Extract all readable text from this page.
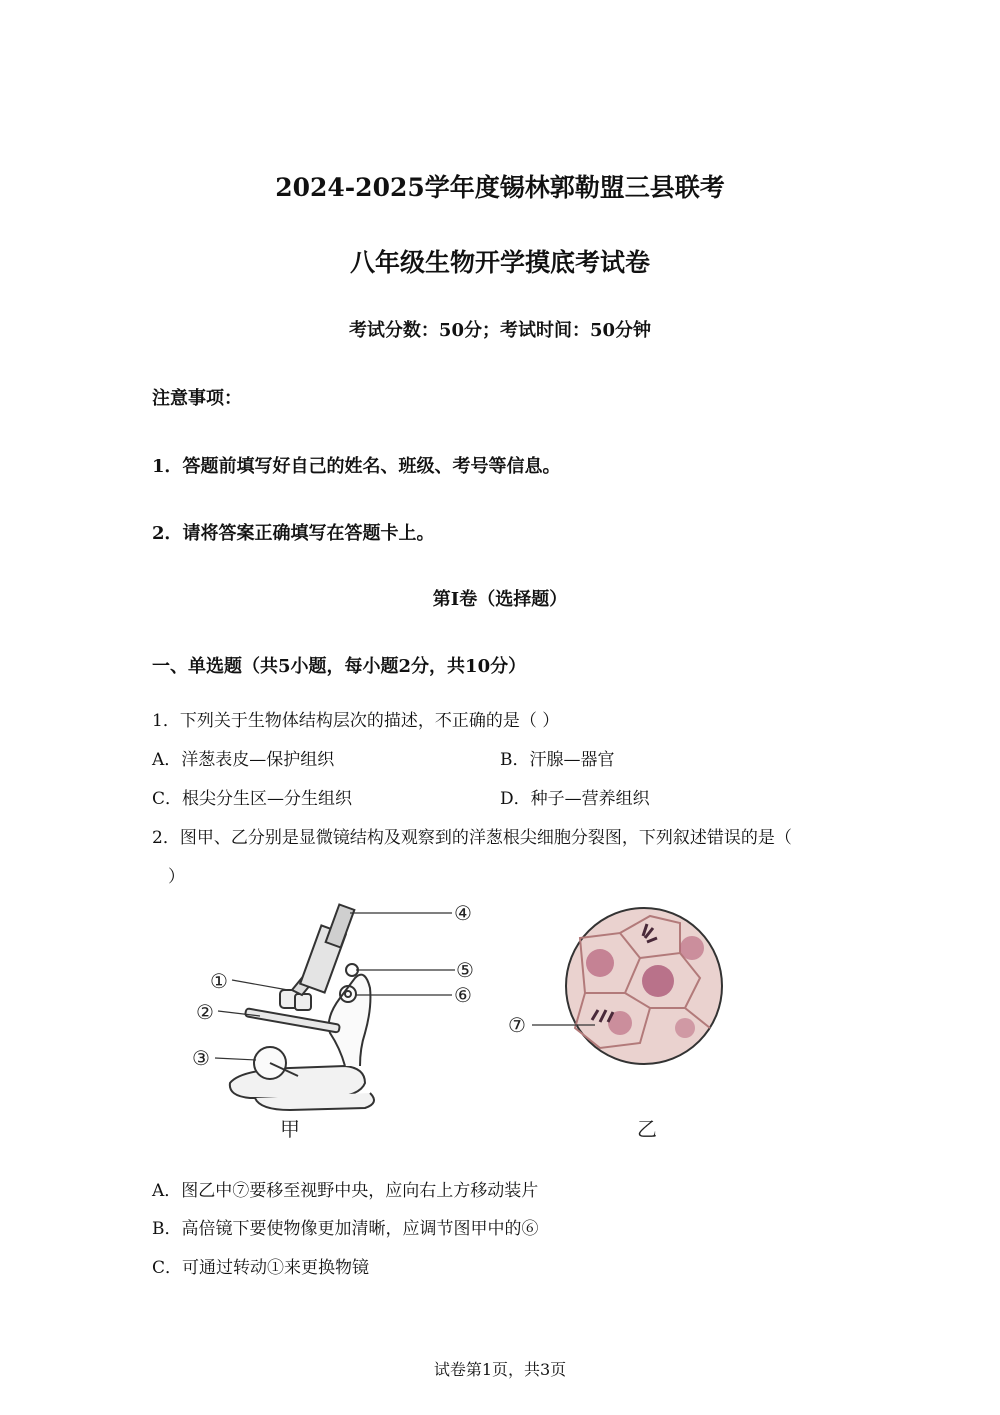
2024-2025学年度锡林郭勒盟三县联考
八年级生物开学摸底考试卷
考试分数：50分；考试时间：50分钟
注意事项：
1．答题前填写好自己的姓名、班级、考号等信息。
2．请将答案正确填写在答题卡上。
第I卷（选择题）
一、单选题（共5小题，每小题2分，共10分）
1．下列关于生物体结构层次的描述，不正确的是（ ）
A．洋葱表皮—保护组织	B．汗腺—器官
C．根尖分生区—分生组织	D．种子—营养组织
2．图甲、乙分别是显微镜结构及观察到的洋葱根尖细胞分裂图，下列叙述错误的是（
）
①
②
③
④
⑤
⑥
甲
⑦
乙
A．图乙中⑦要移至视野中央，应向右上方移动装片
B．高倍镜下要使物像更加清晰，应调节图甲中的⑥
C．可通过转动①来更换物镜
试卷第1页，共3页
